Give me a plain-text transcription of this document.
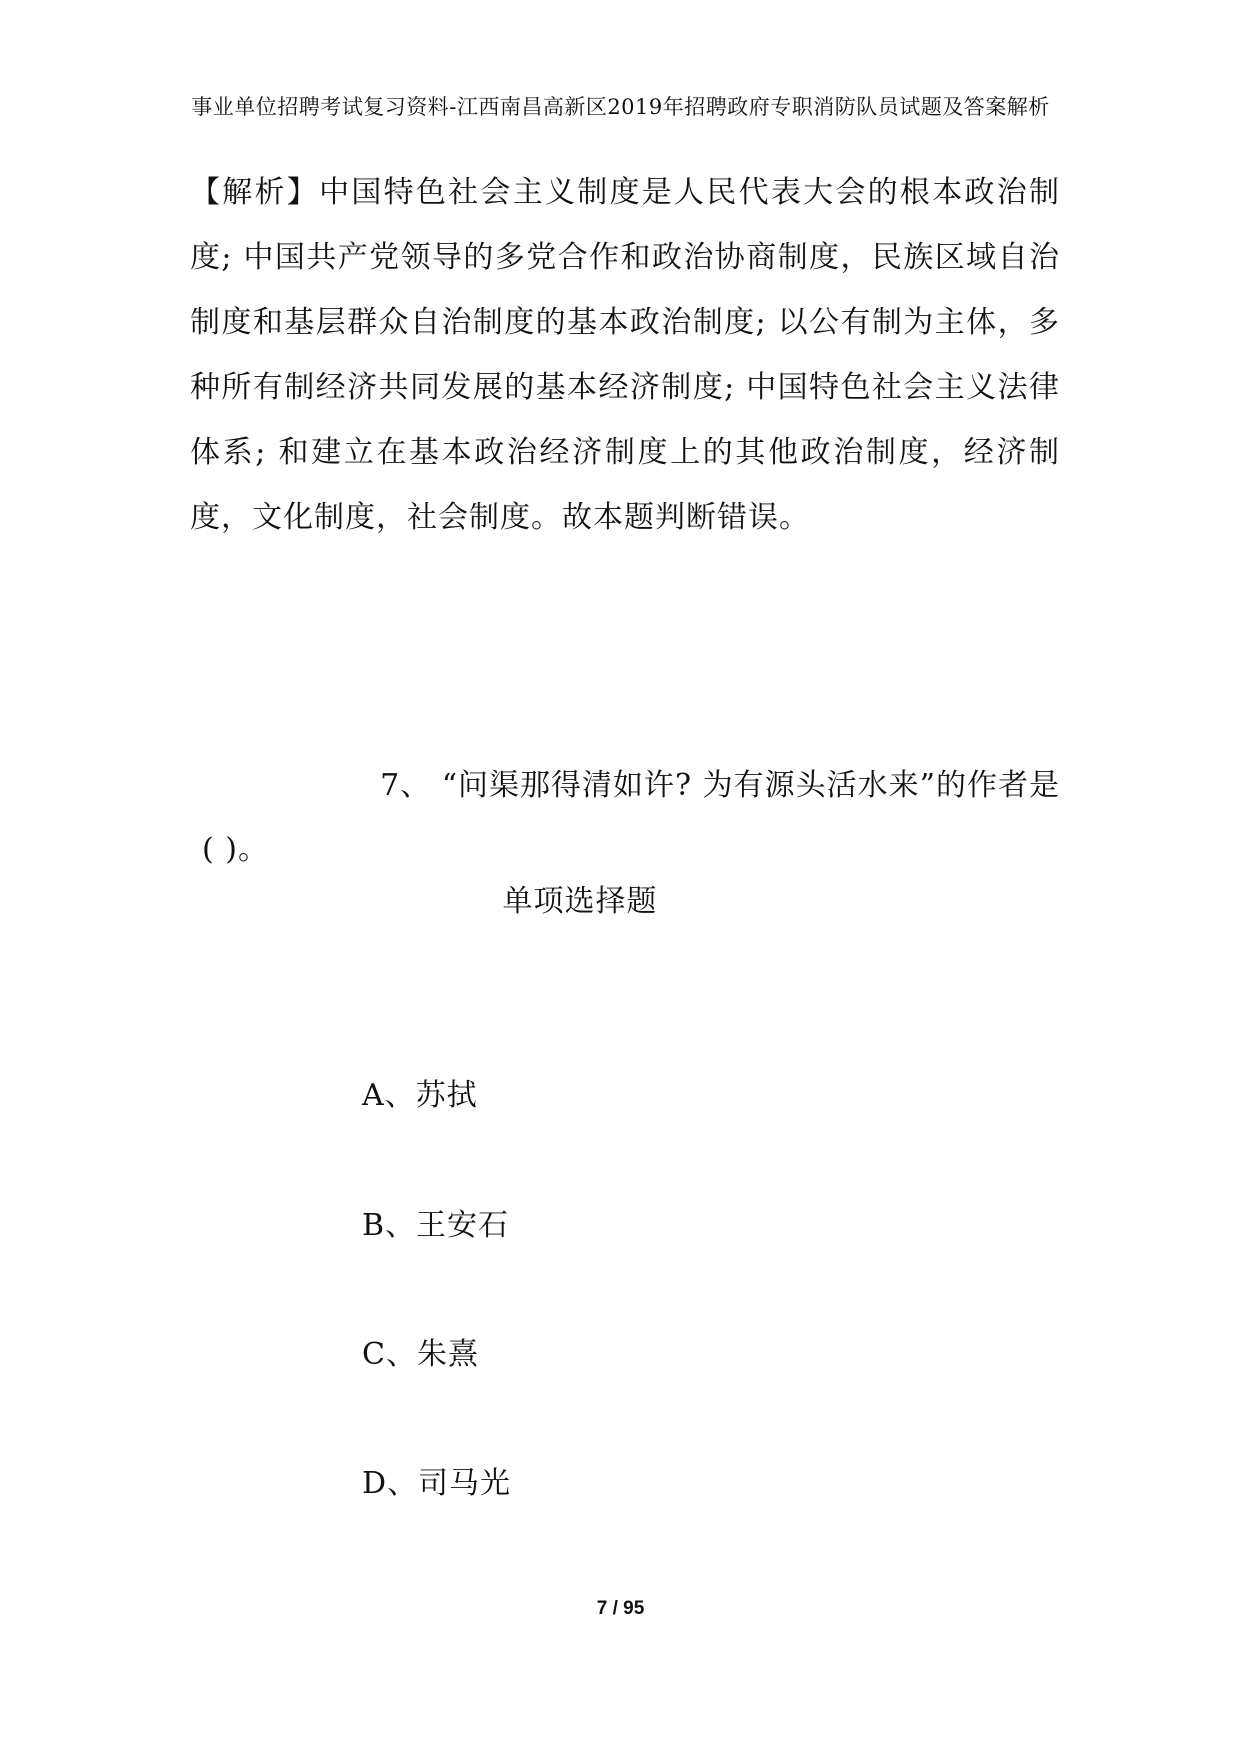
事业单位招聘考试复习资料-江西南昌高新区2019年招聘政府专职消防队员试题及答案解析
【解析】中国特色社会主义制度是人民代表大会的根本政治制度; 中国共产党领导的多党合作和政治协商制度，民族区域自治制度和基层群众自治制度的基本政治制度; 以公有制为主体，多种所有制经济共同发展的基本经济制度; 中国特色社会主义法律体系; 和建立在基本政治经济制度上的其他政治制度，经济制度，文化制度，社会制度。故本题判断错误。
7、 “问渠那得清如许? 为有源头活水来”的作者是
( )。
单项选择题
A、苏拭
B、王安石
C、朱熹
D、司马光
7 / 95
